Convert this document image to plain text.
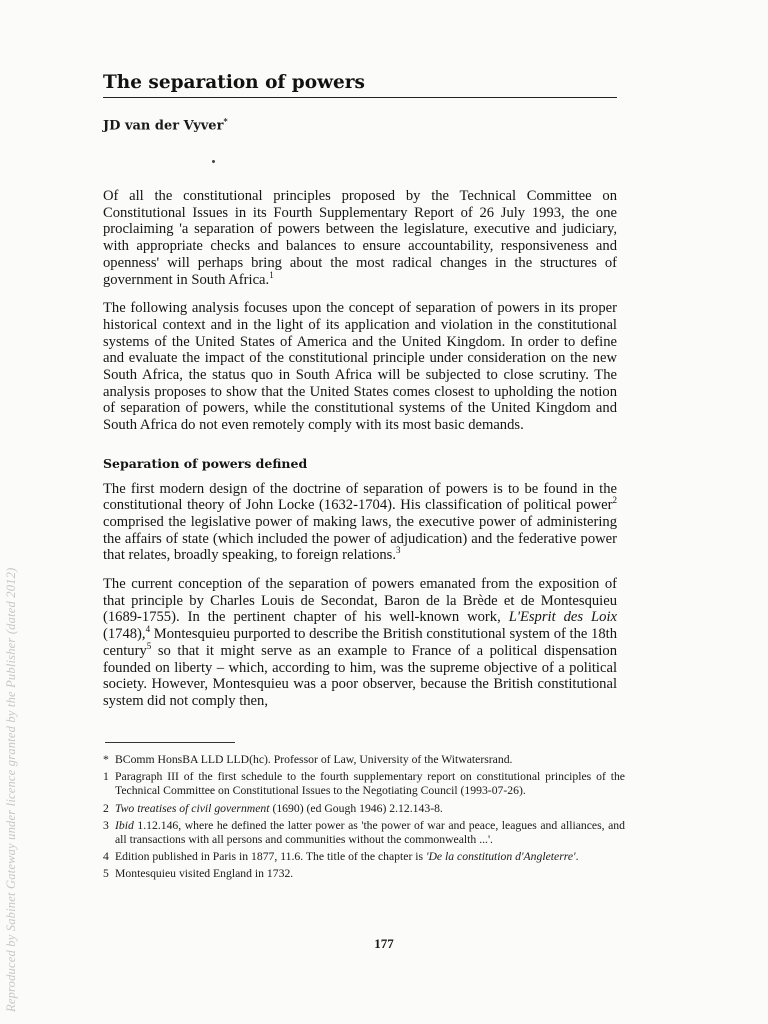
Reproduced by Sabinet Gateway under licence granted by the Publisher (dated 2012)
The separation of powers

JD van der Vyver*

Of all the constitutional principles proposed by the Technical Committee on Constitutional Issues in its Fourth Supplementary Report of 26 July 1993, the one proclaiming 'a separation of powers between the legislature, executive and judiciary, with appropriate checks and balances to ensure accountability, responsiveness and openness' will perhaps bring about the most radical changes in the structures of government in South Africa.$^1$

The following analysis focuses upon the concept of separation of powers in its proper historical context and in the light of its application and violation in the constitutional systems of the United States of America and the United Kingdom. In order to define and evaluate the impact of the constitutional principle under consideration on the new South Africa, the status quo in South Africa will be subjected to close scrutiny. The analysis proposes to show that the United States comes closest to upholding the notion of separation of powers, while the constitutional systems of the United Kingdom and South Africa do not even remotely comply with its most basic demands.

Separation of powers defined

The first modern design of the doctrine of separation of powers is to be found in the constitutional theory of John Locke (1632-1704). His classification of political power$^2$ comprised the legislative power of making laws, the executive power of administering the affairs of state (which included the power of adjudication) and the federative power that relates, broadly speaking, to foreign relations.$^3$

The current conception of the separation of powers emanated from the exposition of that principle by Charles Louis de Secondat, Baron de la Brède et de Montesquieu (1689-1755). In the pertinent chapter of his well-known work, L'Esprit des Loix (1748),$^4$ Montesquieu purported to describe the British constitutional system of the 18th century$^5$ so that it might serve as an example to France of a political dispensation founded on liberty – which, according to him, was the supreme objective of a political society. However, Montesquieu was a poor observer, because the British constitutional system did not comply then,

* BComm HonsBA LLD LLD(hc). Professor of Law, University of the Witwatersrand.
1 Paragraph III of the first schedule to the fourth supplementary report on constitutional principles of the Technical Committee on Constitutional Issues to the Negotiating Council (1993-07-26).
2 Two treatises of civil government (1690) (ed Gough 1946) 2.12.143-8.
3 Ibid 1.12.146, where he defined the latter power as 'the power of war and peace, leagues and alliances, and all transactions with all persons and communities without the commonwealth ...'.
4 Edition published in Paris in 1877, 11.6. The title of the chapter is 'De la constitution d'Angleterre'.
5 Montesquieu visited England in 1732.
177
